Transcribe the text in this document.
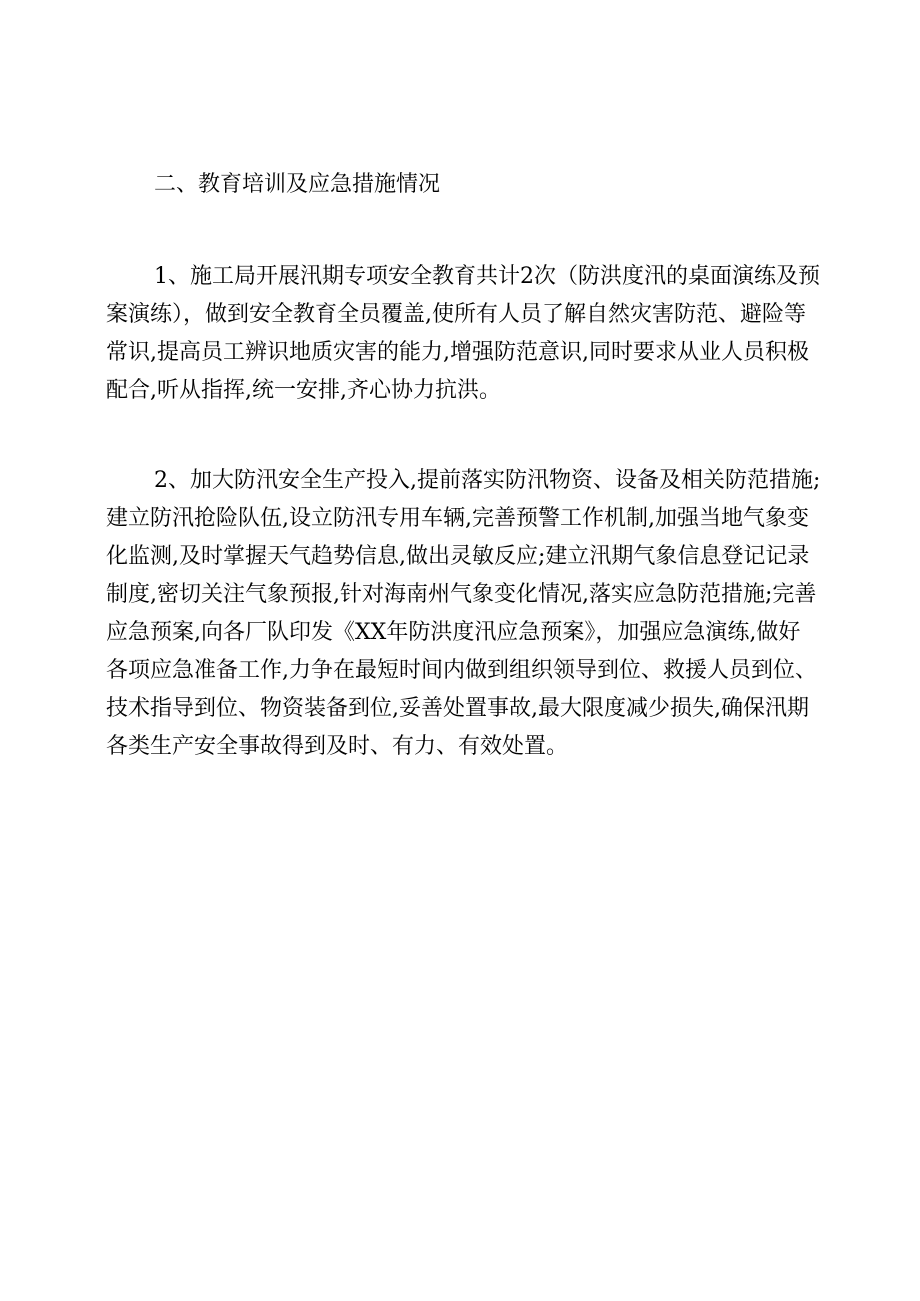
二、教育培训及应急措施情况

1、施工局开展汛期专项安全教育共计2次（防洪度汛的桌面演练及预案演练），做到安全教育全员覆盖,使所有人员了解自然灾害防范、避险等常识,提高员工辨识地质灾害的能力,增强防范意识,同时要求从业人员积极配合,听从指挥,统一安排,齐心协力抗洪。

2、加大防汛安全生产投入,提前落实防汛物资、设备及相关防范措施;建立防汛抢险队伍,设立防汛专用车辆,完善预警工作机制,加强当地气象变化监测,及时掌握天气趋势信息,做出灵敏反应;建立汛期气象信息登记记录制度,密切关注气象预报,针对海南州气象变化情况,落实应急防范措施;完善应急预案,向各厂队印发《XX年防洪度汛应急预案》，加强应急演练,做好各项应急准备工作,力争在最短时间内做到组织领导到位、救援人员到位、技术指导到位、物资装备到位,妥善处置事故,最大限度减少损失,确保汛期各类生产安全事故得到及时、有力、有效处置。
